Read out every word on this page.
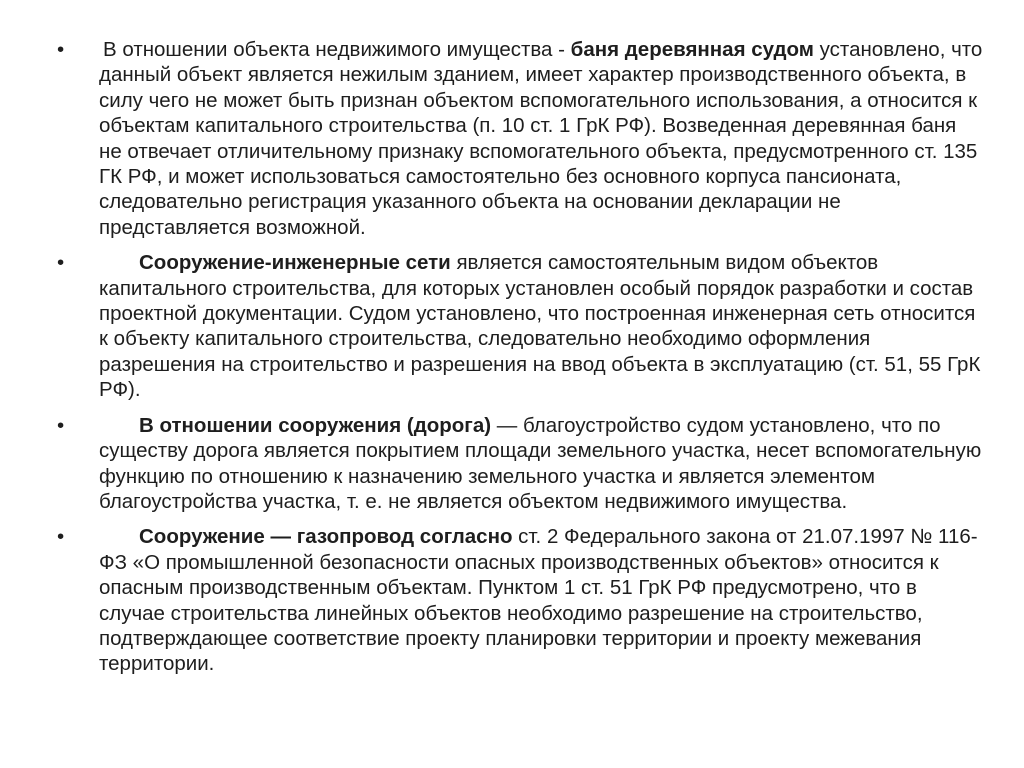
• В отношении объекта недвижимого имущества - баня деревянная судом установлено, что данный объект является нежилым зданием, имеет характер производственного объекта, в силу чего не может быть признан объектом вспомогательного использования, а относится к объектам капитального строительства (п. 10 ст. 1 ГрК РФ). Возведенная деревянная баня не отвечает отличительному признаку вспомогательного объекта, предусмотренного ст. 135 ГК РФ, и может использоваться самостоятельно без основного корпуса пансионата, следовательно регистрация указанного объекта на основании декларации не представляется возможной.
•	Сооружение-инженерные сети является самостоятельным видом объектов капитального строительства, для которых установлен особый порядок разработки и состав проектной документации. Судом установлено, что построенная инженерная сеть относится к объекту капитального строительства, следовательно необходимо оформления разрешения на строительство и разрешения на ввод объекта в эксплуатацию (ст. 51, 55 ГрК РФ).
•	В отношении сооружения (дорога) — благоустройство судом установлено, что по существу дорога является покрытием площади земельного участка, несет вспомогательную функцию по отношению к назначению земельного участка и является элементом благоустройства участка, т. е. не является объектом недвижимого имущества.
•	Сооружение — газопровод согласно ст. 2 Федерального закона от 21.07.1997 № 116-ФЗ «О промышленной безопасности опасных производственных объектов» относится к опасным производственным объектам. Пунктом 1 ст. 51 ГрК РФ предусмотрено, что в случае строительства линейных объектов необходимо разрешение на строительство, подтверждающее соответствие проекту планировки территории и проекту межевания территории.
